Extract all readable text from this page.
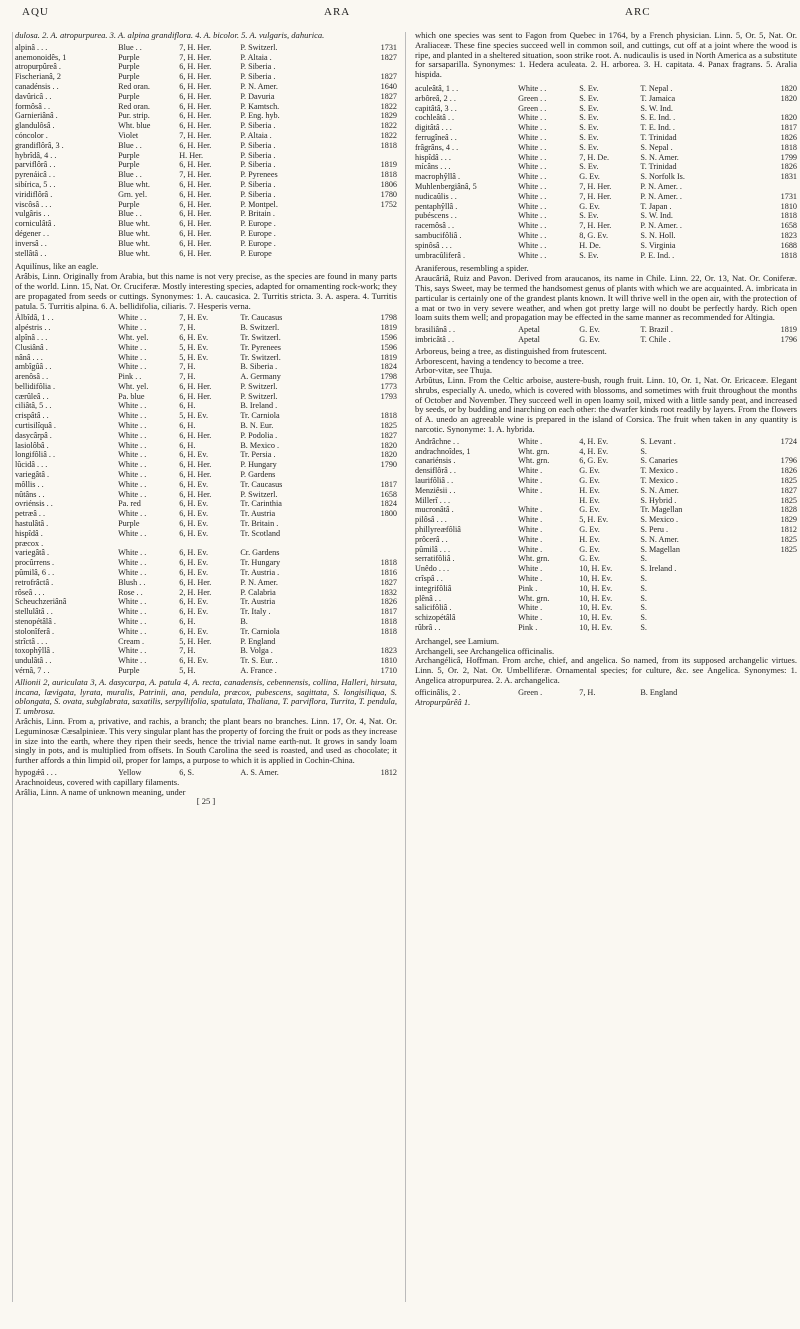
AQU	ARA	ARC
dulosa. 2. A. atropurpurea. 3. A. alpina grandiflora. 4. A. bicolor. 5. A. vulgaris, dahurica.
alpinâ . . .	Blue . .	7, H. Her.	P. Switzerl.	1731
anemonoidês, 1	Purple	7, H. Her.	P. Altaia .	1827
atropurpûreâ .	Purple	6, H. Her.	P. Siberia .	
Fischerianâ, 2	Purple	6, H. Her.	P. Siberia .	1827
canadénsis . .	Red oran.	6, H. Her.	P. N. Amer.	1640
davûricâ . .	Purple	6, H. Her.	P. Davuria	1827
formôsâ . .	Red oran.	6, H. Her.	P. Kamtsch.	1822
Garnieriânâ .	Pur. strip.	6, H. Her.	P. Eng. hyb.	1829
glandulôsâ .	Wht. blue	6, H. Her.	P. Siberia .	1822
cóncolor .	Violet	7, H. Her.	P. Altaia .	1822
grandiflôrâ, 3 .	Blue . .	6, H. Her.	P. Siberia .	1818
hybrîdâ, 4 . .	Purple	H. Her.	P. Siberia .	
parviflôrâ . .	Purple	6, H. Her.	P. Siberia .	1819
pyrenáicâ . .	Blue . .	7, H. Her.	P. Pyrenees	1818
sibírica, 5 . .	Blue wht.	6, H. Her.	P. Siberia .	1806
viridiflôrâ .	Grn. yel.	6, H. Her.	P. Siberia .	1780
viscôsâ . . .	Purple	6, H. Her.	P. Montpel.	1752
vulgâris . .	Blue . .	6, H. Her.	P. Britain .	
corniculâtâ .	Blue wht.	6, H. Her.	P. Europe .	
dégener . .	Blue wht.	6, H. Her.	P. Europe .	
inversâ . .	Blue wht.	6, H. Her.	P. Europe .	
stellâtâ . .	Blue wht.	6, H. Her.	P. Europe	
Aquilínus, like an eagle.
Arâbis, Linn. Originally from Arabia, but this name is not very precise, as the species are found in many parts of the world. Linn. 15, Nat. Or. Cruciferæ. Mostly interesting species, adapted for ornamenting rock-work; they are propagated from seeds or cuttings. Synonymes: 1. A. caucasica. 2. Turritis stricta. 3. A. aspera. 4. Turritis patula. 5. Turritis alpina. 6. A. bellidifolia, ciliaris. 7. Hesperis verna.
Álbîdâ, 1 . .	White . .	7, H. Ev.	Tr. Caucasus	1798
alpéstris . .	White . .	7, H.	B. Switzerl.	1819
alpînâ . . .	Wht. yel.	6, H. Ev.	Tr. Switzerl.	1596
Clusiânâ .	White . .	5, H. Ev.	Tr. Pyrenees	1596
nânâ . . .	White . .	5, H. Ev.	Tr. Switzerl.	1819
ambîgûâ . .	White . .	7, H.	B. Siberia .	1824
arenôsâ . .	Pink . .	7, H.	A. Germany	1798
bellidifôlia .	Wht. yel.	6, H. Her.	P. Switzerl.	1773
cærûleâ . .	Pa. blue	6, H. Her.	P. Switzerl.	1793
ciliâtâ, 5 . .	White . .	6, H.	B. Ireland .	
crispâtâ . .	White . .	5, H. Ev.	Tr. Carniola	1818
curtisilîquâ .	White . .	6, H.	B. N. Eur.	1825
dasycârpâ .	White . .	6, H. Her.	P. Podolia .	1827
lasiolôbâ .	White . .	6, H.	B. Mexico .	1820
longifôliâ . .	White . .	6, H. Ev.	Tr. Persia .	1820
lûcidâ . . .	White . .	6, H. Her.	P. Hungary	1790
variegâtâ .	White . .	6, H. Her.	P. Gardens	
môllis . .	White . .	6, H. Ev.	Tr. Caucasus	1817
nûtâns . .	White . .	6, H. Her.	P. Switzerl.	1658
ovriénsis . .	Pa. red	6, H. Ev.	Tr. Carinthia	1824
petræâ . .	White . .	6, H. Ev.	Tr. Austria	1800
hastulâtâ .	Purple	6, H. Ev.	Tr. Britain .	
hispîdâ .	White . .	6, H. Ev.	Tr. Scotland	
præcox .				
variegâtâ .	White . .	6, H. Ev.	Cr. Gardens	
procûrrens .	White . .	6, H. Ev.	Tr. Hungary	1818
pûmilâ, 6 . .	White . .	6, H. Ev.	Tr. Austria .	1816
retrofrâctâ .	Blush . .	6, H. Her.	P. N. Amer.	1827
rôseâ . . .	Rose . .	2, H. Her.	P. Calabria	1832
Scheuchzeriânâ	White . .	6, H. Ev.	Tr. Austria	1826
stellulâtâ . .	White . .	6, H. Ev.	Tr. Italy .	1817
stenopétâlâ .	White . .	6, H.	B.	1818
stolonîferâ .	White . .	6, H. Ev.	Tr. Carniola	1818
strîctâ . . .	Cream .	5, H. Her.	P. England	
toxophŷllâ .	White . .	7, H.	B. Volga .	1823
undulâtâ . .	White . .	6, H. Ev.	Tr. S. Eur. .	1810
vérnâ, 7 . .	Purple	5, H.	A. France .	1710
Allionii 2, auriculata 3, A. dasycarpa, A. patula 4, A. recta, canadensis, cebennensis, collina, Halleri, hirsuta, incana, lævigata, lyrata, muralis, Patrinii, ana, pendula, præcox, pubescens, sagittata, S. longisiliqua, S. oblongata, S. ovata, subglabrata, saxatilis, serpyllifolia, spatulata, Thaliana, T. parviflora, Turrita, T. pendula, T. umbrosa.
Arâchis, Linn. From a, privative, and rachis, a branch; the plant bears no branches. Linn. 17, Or. 4, Nat. Or. Leguminosæ Cæsalpinieæ. This very singular plant has the property of forcing the fruit or pods as they increase in size into the earth, where they ripen their seeds, hence the trivial name earth-nut. It grows in sandy loam singly in pots, and is multiplied from offsets. In South Carolina the seed is roasted, and used as chocolate; it further affords a thin limpid oil, proper for lamps, a purpose to which it is applied in Cochin-China.
hypogǽâ . . .	Yellow	6, S.	A. S. Amer.	1812
Arachnoideus, covered with capillary filaments.
Arâlia, Linn. A name of unknown meaning, under
[ 25 ]
which one species was sent to Fagon from Quebec in 1764, by a French physician. Linn. 5, Or. 5, Nat. Or. Araliaceæ. These fine species succeed well in common soil, and cuttings, cut off at a joint where the wood is ripe, and planted in a sheltered situation, soon strike root. A. nudicaulis is used in North America as a substitute for sarsaparilla. Synonymes: 1. Hedera aculeata. 2. H. arborea. 3. H. capitata. 4. Panax fragrans. 5. Aralia hispida.
aculeâtâ, 1 . .	White . .	S. Ev.	T. Nepal .	1820
arbôreâ, 2 . .	Green . .	S. Ev.	T. Jamaica	1820
capitâtâ, 3 . .	Green . .	S. Ev.	S. W. Ind.	
cochleâtâ . .	White . .	S. Ev.	S. E. Ind. .	1820
digitâtâ . . .	White . .	S. Ev.	T. E. Ind. .	1817
ferrugîneâ . .	White . .	S. Ev.	T. Trinidad	1826
frâgrâns, 4 . .	White . .	S. Ev.	S. Nepal .	1818
hispîdâ . . .	White . .	7, H. De.	S. N. Amer.	1799
mícâns . . .	White . .	S. Ev.	T. Trinidad	1826
macrophŷllâ .	White . .	G. Ev.	S. Norfolk Is.	1831
Muhlenbergiânâ, 5	White . .	7, H. Her.	P. N. Amer. .	
nudicaûlis . .	White . .	7, H. Her.	P. N. Amer. .	1731
pentaphŷllâ .	White . .	G. Ev.	T. Japan .	1810
pubéscens . .	White . .	S. Ev.	S. W. Ind.	1818
racemôsâ . .	White . .	7, H. Her.	P. N. Amer. .	1658
sambucifôliâ .	White . .	8, G. Ev.	S. N. Holl.	1823
spinôsâ . . .	White . .	H. De.	S. Virginia	1688
umbracûliferâ .	White . .	S. Ev.	P. E. Ind. .	1818
Araniferous, resembling a spider.
Araucâriâ, Ruiz and Pavon. Derived from araucanos, its name in Chile. Linn. 22, Or. 13, Nat. Or. Coniferæ. This, says Sweet, may be termed the handsomest genus of plants with which we are acquainted. A. imbricata in particular is certainly one of the grandest plants known. It will thrive well in the open air, with the protection of a mat or two in very severe weather, and when got pretty large will no doubt be perfectly hardy. Rich open loam suits them well; and propagation may be effected in the same manner as recommended for Altingia.
brasiliânâ . .	Apetal	G. Ev.	T. Brazil .	1819
imbricâtâ . .	Apetal	G. Ev.	T. Chile .	1796
Arboreus, being a tree, as distinguished from frutescent.
Arborescent, having a tendency to become a tree.
Arbor-vitæ, see Thuja.
Arbûtus, Linn. From the Celtic arboise, austere-bush, rough fruit. Linn. 10, Or. 1, Nat. Or. Ericaceæ. Elegant shrubs, especially A. unedo, which is covered with blossoms, and sometimes with fruit throughout the months of October and November. They succeed well in open loamy soil, mixed with a little sandy peat, and increased by seeds, or by budding and inarching on each other: the dwarfer kinds root readily by layers. From the flowers of A. unedo an agreeable wine is prepared in the island of Corsica. The fruit when taken in any quantity is narcotic. Synonyme: 1. A. hybrida.
Andrâchne . .	White .	4, H. Ev.	S. Levant .	1724
andrachnoîdes, 1	Wht. grn.	4, H. Ev.	S.	
canariénsis .	Wht. grn.	6, G. Ev.	S. Canaries	1796
densiflôrâ . .	White .	G. Ev.	T. Mexico .	1826
laurifôliâ . .	White .	G. Ev.	T. Mexico .	1825
Menziêsii . .	White .	H. Ev.	S. N. Amer.	1827
Millerî . . .		H. Ev.	S. Hybrid .	1825
mucronâtâ .	White .	G. Ev.	Tr. Magellan	1828
pilôsâ . . .	White .	5, H. Ev.	S. Mexico .	1829
phillyreæfôliâ	White .	G. Ev.	S. Peru .	1812
prôcerâ . .	White .	H. Ev.	S. N. Amer.	1825
pûmilâ . . .	White .	G. Ev.	S. Magellan	1825
serratifôliâ .	Wht. grn.	G. Ev.	S.	
Unêdo . . .	White .	10, H. Ev.	S. Ireland .	
crîspâ . .	White .	10, H. Ev.	S.	
integrifôliâ	Pink .	10, H. Ev.	S.	
plênâ . .	Wht. grn.	10, H. Ev.	S.	
salicifôliâ .	White .	10, H. Ev.	S.	
schizopétâlâ	White .	10, H. Ev.	S.	
rûbrâ . .	Pink .	10, H. Ev.	S.	
Archangel, see Lamium.
Archangeli, see Archangelica officinalis.
Archangélicâ, Hoffman. From arche, chief, and angelica. So named, from its supposed archangelic virtues. Linn. 5, Or. 2, Nat. Or. Umbelliferæ. Ornamental species; for culture, &c. see Angelica. Synonymes: 1. Angelica atropurpurea. 2. A. archangelica.
officinâlis, 2 .	Green .	7, H.	B. England	
Atropurpûrêâ 1.
